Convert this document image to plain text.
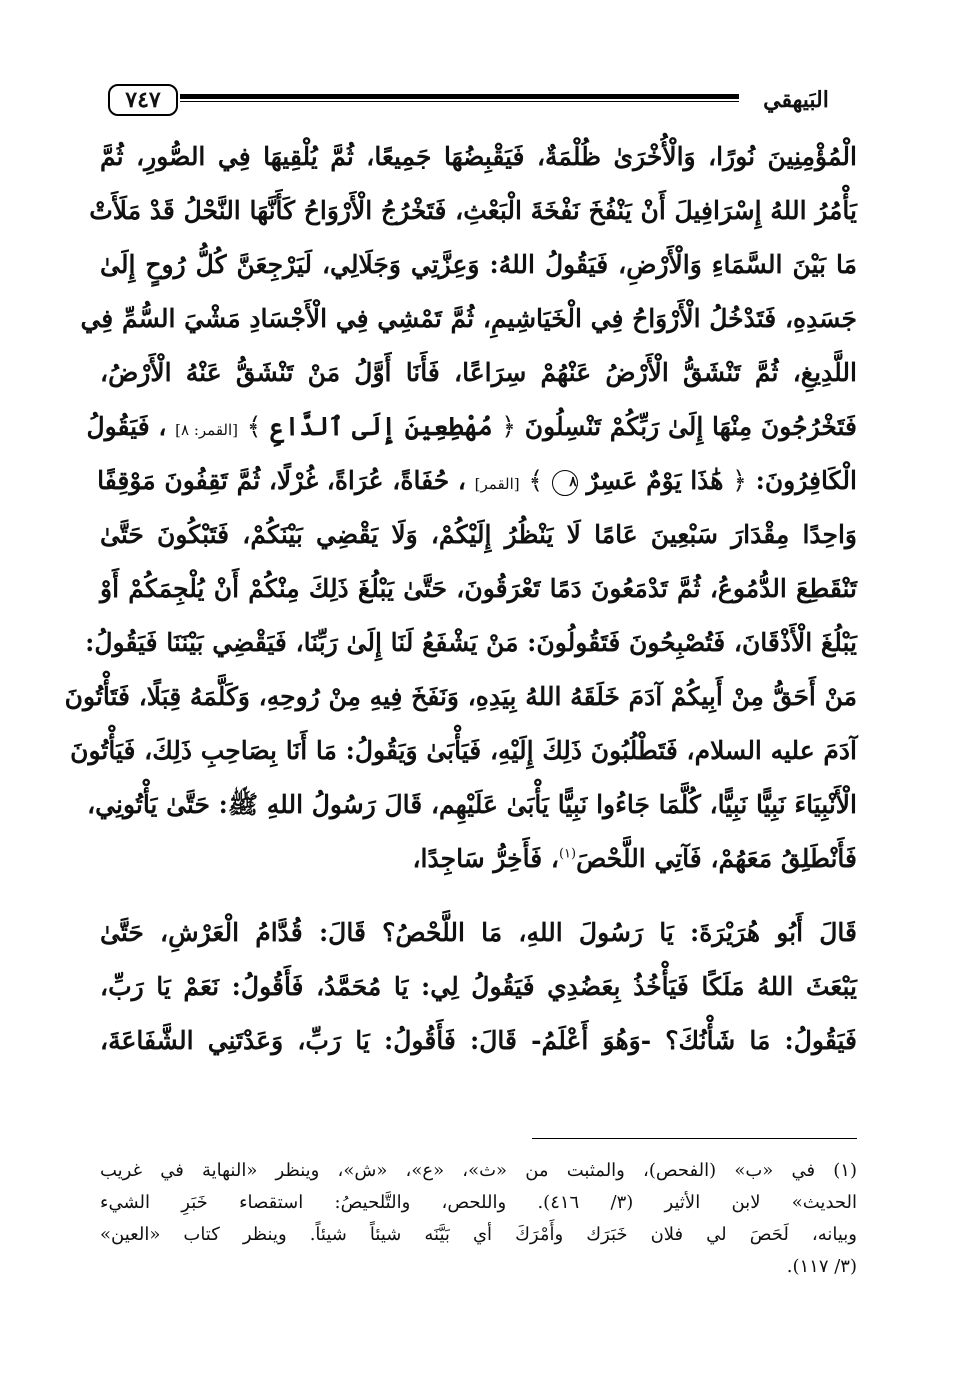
٧٤٧	البَيهقي
الْمُؤْمِنِينَ نُورًا، وَالْأُخْرَىٰ ظُلْمَةٌ، فَيَقْبِضُهَا جَمِيعًا، ثُمَّ يُلْقِيهَا فِي الصُّورِ، ثُمَّ
يَأْمُرُ اللهُ إِسْرَافِيلَ أَنْ يَنْفُخَ نَفْخَةَ الْبَعْثِ، فَتَخْرُجُ الْأَرْوَاحُ كَأَنَّهَا النَّحْلُ قَدْ مَلَأَتْ
مَا بَيْنَ السَّمَاءِ وَالْأَرْضِ، فَيَقُولُ اللهُ: وَعِزَّتِي وَجَلَالِي، لَيَرْجِعَنَّ كُلُّ رُوحٍ إِلَىٰ
جَسَدِهِ، فَتَدْخُلُ الْأَرْوَاحُ فِي الْخَيَاشِيمِ، ثُمَّ تَمْشِي فِي الْأَجْسَادِ مَشْيَ السُّمِّ فِي
اللَّدِيغِ، ثُمَّ تَنْشَقُّ الْأَرْضُ عَنْهُمْ سِرَاعًا، فَأَنَا أَوَّلُ مَنْ تَنْشَقُّ عَنْهُ الْأَرْضُ،
فَتَخْرُجُونَ مِنْهَا إِلَىٰ رَبِّكُمْ تَنْسِلُونَ ﴿ مُهْطِعِينَ إِلَى ٱلدَّاعِ ﴾ [القمر: ٨] ، فَيَقُولُ
الْكَافِرُونَ: ﴿ هَٰذَا يَوْمٌ عَسِرٌ ٨ ﴾ [القمر] ، حُفَاةً، عُرَاةً، غُرْلًا، ثُمَّ تَقِفُونَ مَوْقِفًا
وَاحِدًا مِقْدَارَ سَبْعِينَ عَامًا لَا يَنْظُرُ إِلَيْكُمْ، وَلَا يَقْضِي بَيْنَكُمْ، فَتَبْكُونَ حَتَّىٰ
تَنْقَطِعَ الدُّمُوعُ، ثُمَّ تَدْمَعُونَ دَمًا تَعْرَقُونَ، حَتَّىٰ يَبْلُغَ ذَلِكَ مِنْكُمْ أَنْ يُلْجِمَكُمْ أَوْ
يَبْلُغَ الْأَذْقَانَ، فَتُصْبِحُونَ فَتَقُولُونَ: مَنْ يَشْفَعُ لَنَا إِلَىٰ رَبِّنَا، فَيَقْضِي بَيْنَنَا فَيَقُولُ:
مَنْ أَحَقُّ مِنْ أَبِيكُمْ آدَمَ خَلَقَهُ اللهُ بِيَدِهِ، وَنَفَخَ فِيهِ مِنْ رُوحِهِ، وَكَلَّمَهُ قِبَلًا، فَتَأْتُونَ
آدَمَ عليه السلام، فَتَطْلُبُونَ ذَلِكَ إِلَيْهِ، فَيَأْبَىٰ وَيَقُولُ: مَا أَنَا بِصَاحِبِ ذَلِكَ، فَيَأْتُونَ
الْأَنْبِيَاءَ نَبِيًّا نَبِيًّا، كُلَّمَا جَاءُوا نَبِيًّا يَأْبَىٰ عَلَيْهِم، قَالَ رَسُولُ اللهِ ﷺ: حَتَّىٰ يَأْتُونِي،
فَأَنْطَلِقُ مَعَهُمْ، فَآتِي اللَّحْصَ$^{(١)}$، فَأَخِرُّ سَاجِدًا،
قَالَ أَبُو هُرَيْرَةَ: يَا رَسُولَ اللهِ، مَا اللَّحْصُ؟ قَالَ: قُدَّامُ الْعَرْشِ، حَتَّىٰ
يَبْعَثَ اللهُ مَلَكًا فَيَأْخُذُ بِعَضُدِي فَيَقُولُ لِي: يَا مُحَمَّدُ، فَأَقُولُ: نَعَمْ يَا رَبِّ،
فَيَقُولُ: مَا شَأْنُكَ؟ -وَهُوَ أَعْلَمُ- قَالَ: فَأَقُولُ: يَا رَبِّ، وَعَدْتَنِي الشَّفَاعَةَ،
(١) في «ب» (الفحص)، والمثبت من «ث»، «ع»، «ش»، وينظر «النهاية في غريب
الحديث» لابن الأثير (٣/ ٤١٦). واللحص، والتَّلحيصُ: استقصاء خَبَرِ الشيء
وبيانه، لَحَصَ لي فلان خَبَرَك وأَمْرَكَ أي بَيَّنَه شيئاً شيئاً. وينظر كتاب «العين»
(٣/ ١١٧).
